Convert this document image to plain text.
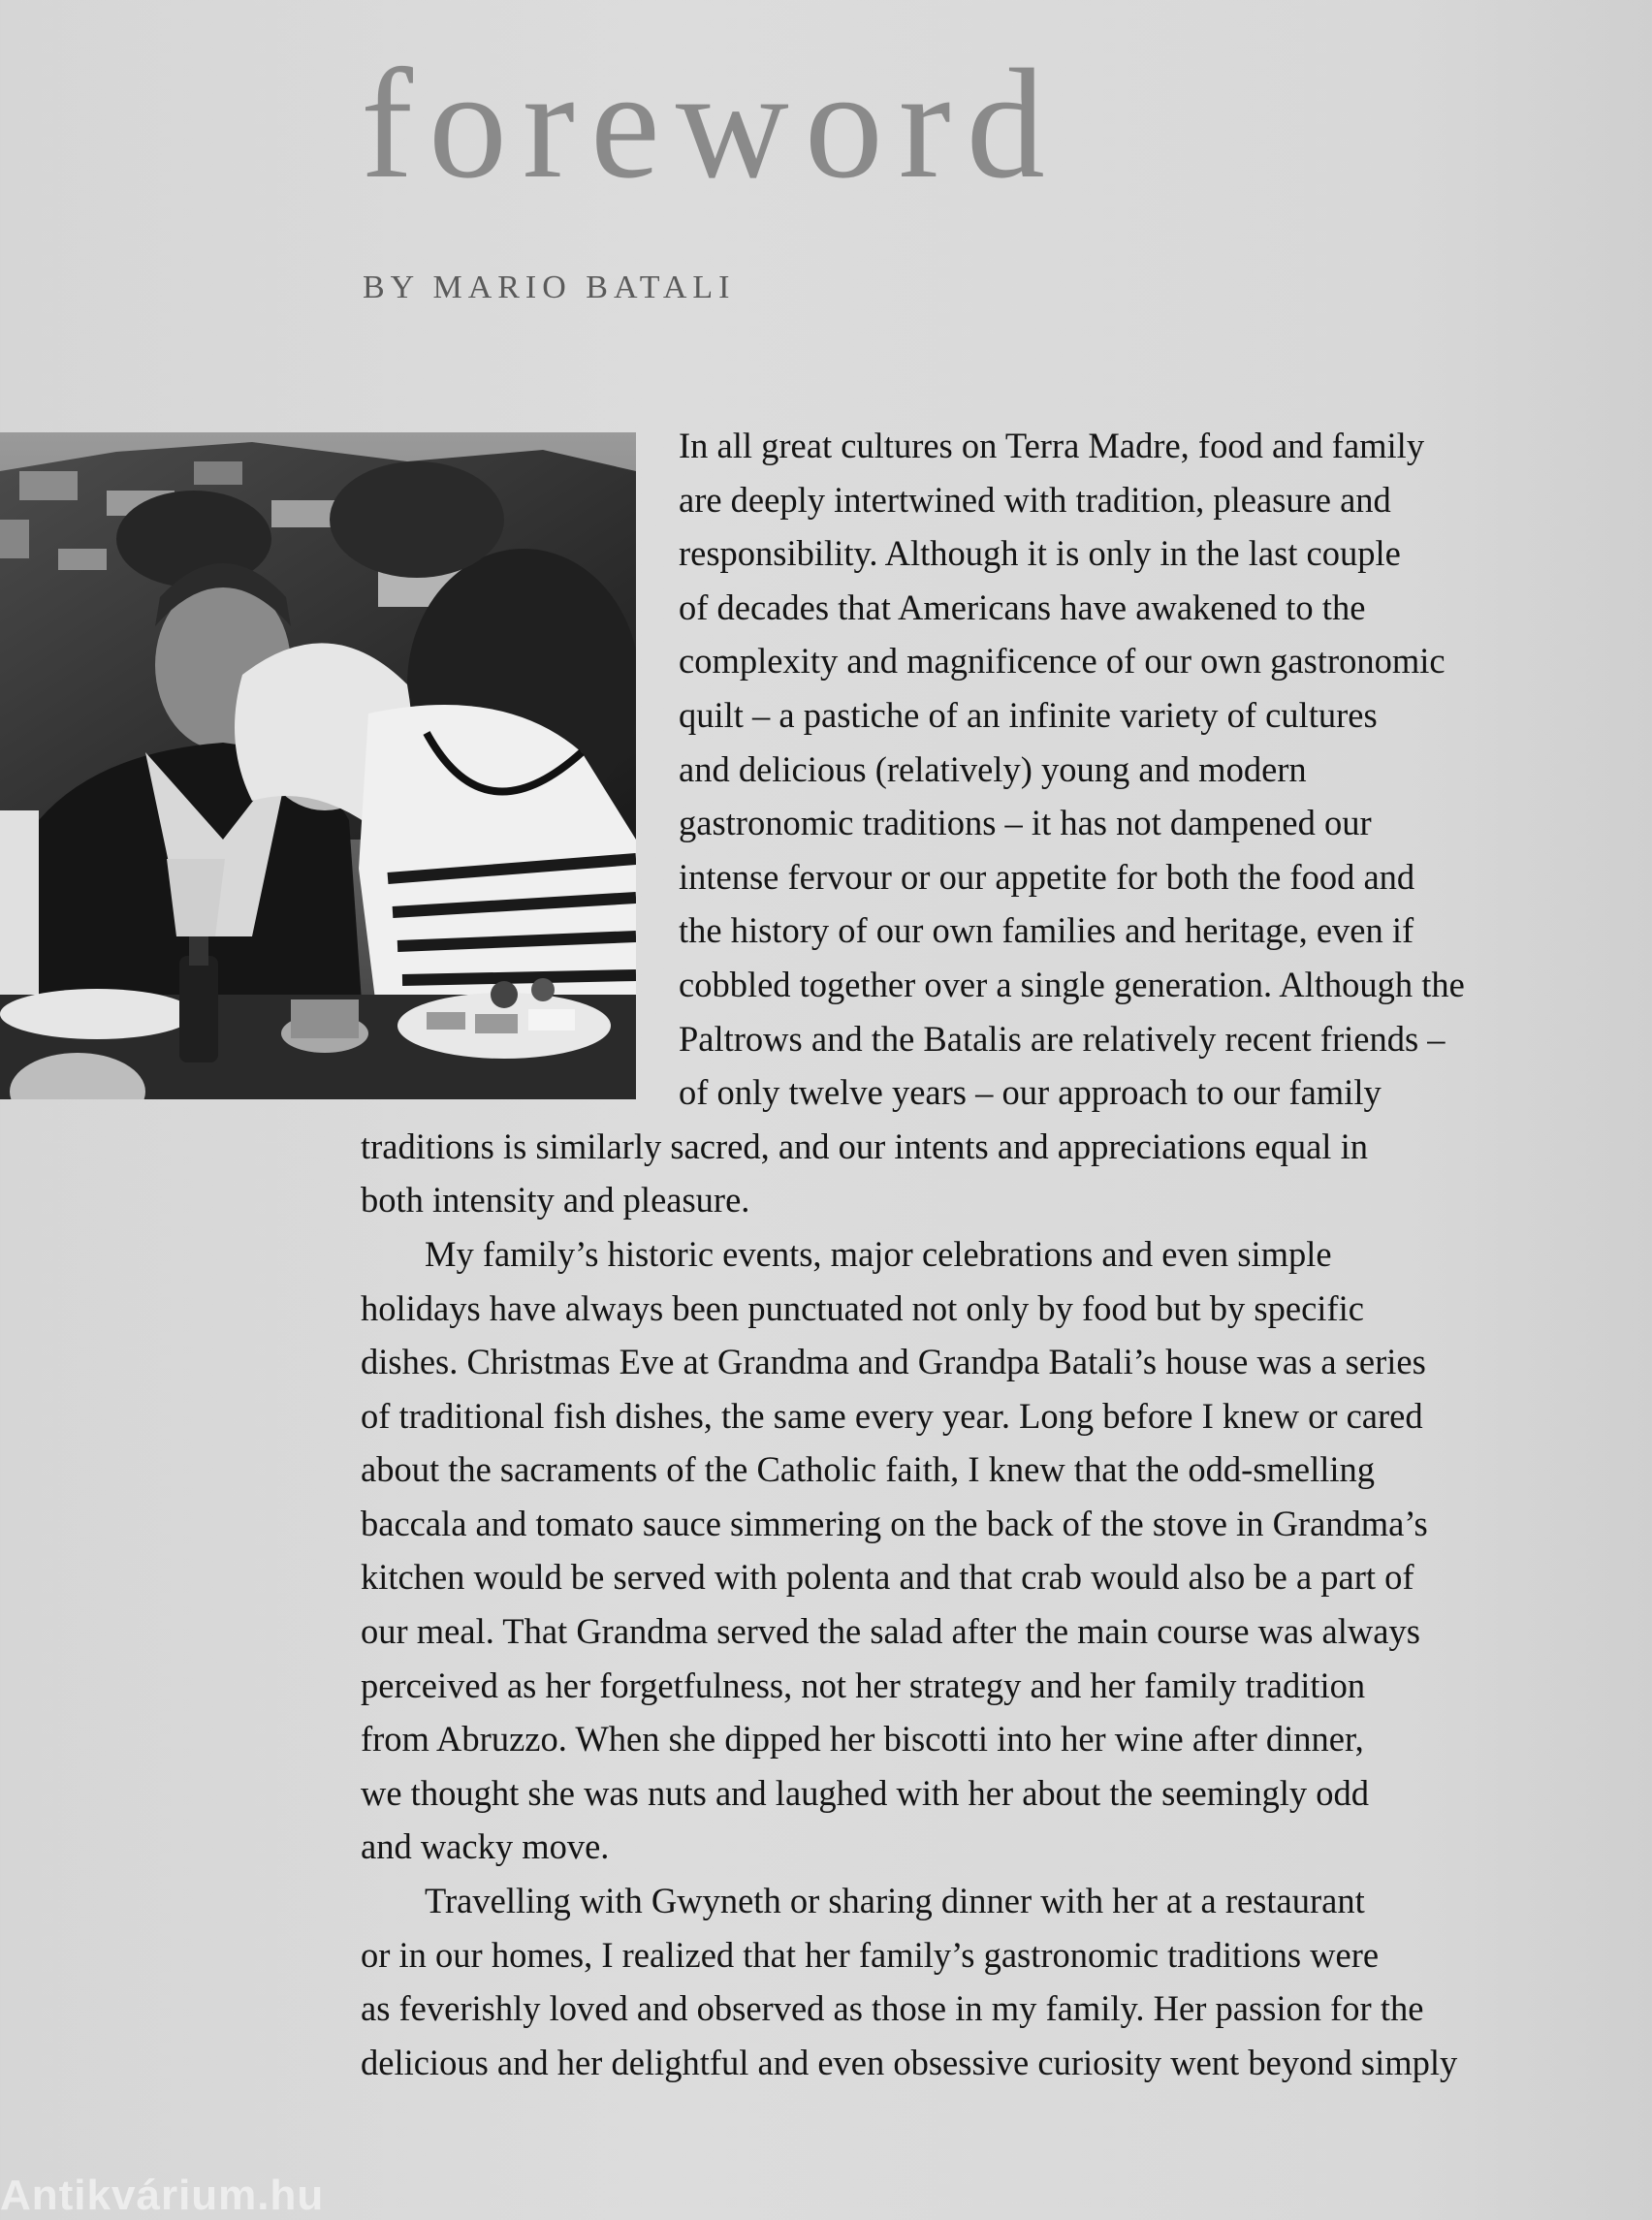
foreword
BY MARIO BATALI
In all great cultures on Terra Madre, food and family
are deeply intertwined with tradition, pleasure and
responsibility. Although it is only in the last couple
of decades that Americans have awakened to the
complexity and magnificence of our own gastronomic
quilt – a pastiche of an infinite variety of cultures
and delicious (relatively) young and modern
gastronomic traditions – it has not dampened our
intense fervour or our appetite for both the food and
the history of our own families and heritage, even if
cobbled together over a single generation. Although the
Paltrows and the Batalis are relatively recent friends –
of only twelve years – our approach to our family
traditions is similarly sacred, and our intents and appreciations equal in
both intensity and pleasure.
My family’s historic events, major celebrations and even simple
holidays have always been punctuated not only by food but by specific
dishes. Christmas Eve at Grandma and Grandpa Batali’s house was a series
of traditional fish dishes, the same every year. Long before I knew or cared
about the sacraments of the Catholic faith, I knew that the odd-smelling
baccala and tomato sauce simmering on the back of the stove in Grandma’s
kitchen would be served with polenta and that crab would also be a part of
our meal. That Grandma served the salad after the main course was always
perceived as her forgetfulness, not her strategy and her family tradition
from Abruzzo. When she dipped her biscotti into her wine after dinner,
we thought she was nuts and laughed with her about the seemingly odd
and wacky move.
Travelling with Gwyneth or sharing dinner with her at a restaurant
or in our homes, I realized that her family’s gastronomic traditions were
as feverishly loved and observed as those in my family. Her passion for the
delicious and her delightful and even obsessive curiosity went beyond simply
Antikvárium.hu
